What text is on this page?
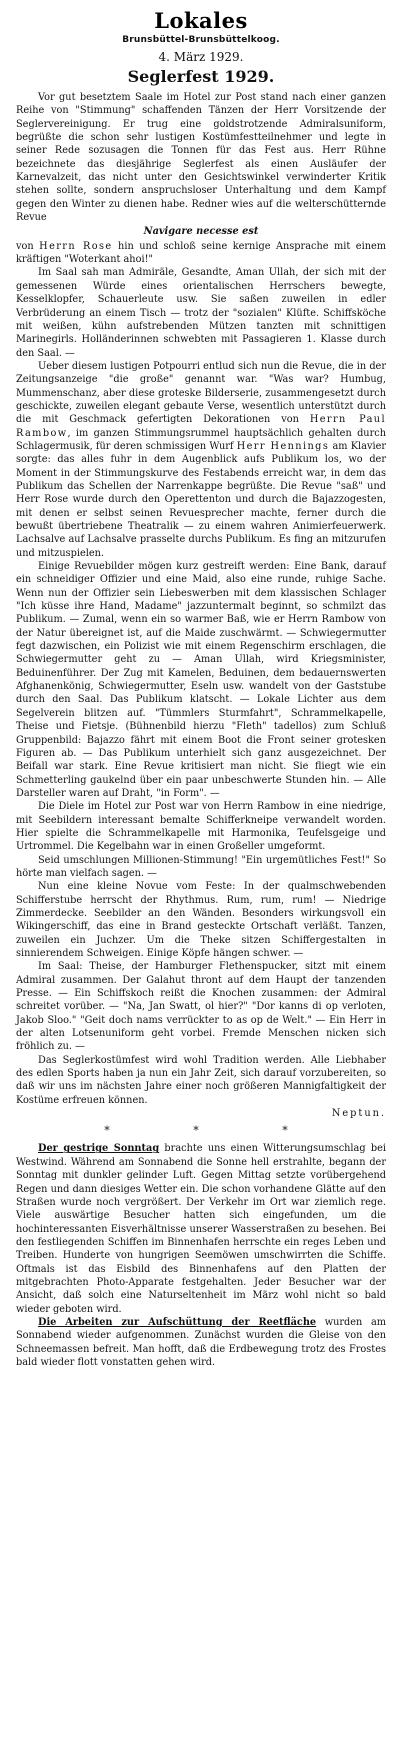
Lokales
Brunsbüttel-Brunsbüttelkoog.
4. März 1929.
Seglerfest 1929.

Vor gut besetztem Saale im Hotel zur Post stand nach einer ganzen Reihe von "Stimmung" schaffenden Tänzen der Herr Vorsitzende der Seglervereinigung. Er trug eine goldstrotzende Admiralsuniform, begrüßte die schon sehr lustigen Kostümfestteilnehmer und legte in seiner Rede sozusagen die Tonnen für das Fest aus. Herr Rühne bezeichnete das diesjährige Seglerfest als einen Ausläufer der Karnevalzeit, das nicht unter den Gesichtswinkel verwinderter Kritik stehen sollte, sondern anspruchsloser Unterhaltung und dem Kampf gegen den Winter zu dienen habe. Redner wies auf die welterschütternde Revue

Navigare necesse est

von Herrn Rose hin und schloß seine kernige Ansprache mit einem kräftigen "Woterkant ahoi!"

Im Saal sah man Admiräle, Gesandte, Aman Ullah, der sich mit der gemessenen Würde eines orientalischen Herrschers bewegte, Kesselklopfer, Schauerleute usw. Sie saßen zuweilen in edler Verbrüderung an einem Tisch — trotz der "sozialen" Klüfte. Schiffsköche mit weißen, kühn aufstrebenden Mützen tanzten mit schnittigen Marinegirls. Holländerinnen schwebten mit Passagieren 1. Klasse durch den Saal. —

Ueber diesem lustigen Potpourri entlud sich nun die Revue, die in der Zeitungsanzeige "die große" genannt war. "Was war? Humbug, Mummenschanz, aber diese groteske Bilderserie, zusammengesetzt durch geschickte, zuweilen elegant gebaute Verse, wesentlich unterstützt durch die mit Geschmack gefertigten Dekorationen von Herrn Paul Rambow, im ganzen Stimmungsrummel hauptsächlich gehalten durch Schlagermusik, für deren schmissigen Wurf Herr Hennings am Klavier sorgte: das alles fuhr in dem Augenblick aufs Publikum los, wo der Moment in der Stimmungskurve des Festabends erreicht war, in dem das Publikum das Schellen der Narrenkappe begrüßte. Die Revue "saß" und Herr Rose wurde durch den Operettenton und durch die Bajazzogesten, mit denen er selbst seinen Revuesprecher machte, ferner durch die bewußt übertriebene Theatralik — zu einem wahren Animierfeuerwerk. Lachsalve auf Lachsalve prasselte durchs Publikum. Es fing an mitzurufen und mitzuspielen.

Einige Revuebilder mögen kurz gestreift werden: Eine Bank, darauf ein schneidiger Offizier und eine Maid, also eine runde, ruhige Sache. Wenn nun der Offizier sein Liebeswerben mit dem klassischen Schlager "Ich küsse ihre Hand, Madame" jazzuntermalt beginnt, so schmilzt das Publikum. — Zumal, wenn ein so warmer Baß, wie er Herrn Rambow von der Natur übereignet ist, auf die Maide zuschwärmt. — Schwiegermutter fegt dazwischen, ein Polizist wie mit einem Regenschirm erschlagen, die Schwiegermutter geht zu — Aman Ullah, wird Kriegsminister, Beduinenführer. Der Zug mit Kamelen, Beduinen, dem bedauernswerten Afghanenkönig, Schwiegermutter, Eseln usw. wandelt von der Gaststube durch den Saal. Das Publikum klatscht. — Lokale Lichter aus dem Segelverein blitzen auf. "Tümmlers Sturmfahrt", Schrammelkapelle, Theise und Fietsje. (Bühnenbild hierzu "Fleth" tadellos) zum Schluß Gruppenbild: Bajazzo fährt mit einem Boot die Front seiner grotesken Figuren ab. — Das Publikum unterhielt sich ganz ausgezeichnet. Der Beifall war stark. Eine Revue kritisiert man nicht. Sie fliegt wie ein Schmetterling gaukelnd über ein paar unbeschwerte Stunden hin. — Alle Darsteller waren auf Draht, "in Form". —

Die Diele im Hotel zur Post war von Herrn Rambow in eine niedrige, mit Seebildern interessant bemalte Schifferkneipe verwandelt worden. Hier spielte die Schrammelkapelle mit Harmonika, Teufelsgeige und Urtrommel. Die Kegelbahn war in einen Großeller umgeformt.

Seid umschlungen Millionen-Stimmung! "Ein urgemütliches Fest!" So hörte man vielfach sagen. —

Nun eine kleine Novue vom Feste: In der qualmschwebenden Schifferstube herrscht der Rhythmus. Rum, rum, rum! — Niedrige Zimmerdecke. Seebilder an den Wänden. Besonders wirkungsvoll ein Wikingerschiff, das eine in Brand gesteckte Ortschaft verläßt. Tanzen, zuweilen ein Juchzer. Um die Theke sitzen Schiffergestalten in sinnierendem Schweigen. Einige Köpfe hängen schwer. —

Im Saal: Theise, der Hamburger Flethenspucker, sitzt mit einem Admiral zusammen. Der Galahut thront auf dem Haupt der tanzenden Presse. — Ein Schiffskoch reißt die Knochen zusammen: der Admiral schreitet vorüber. — "Na, Jan Swatt, ol hier?" "Dor kanns di op verloten, Jakob Sloo." "Geit doch nams verrückter to as op de Welt." — Ein Herr in der alten Lotsenuniform geht vorbei. Fremde Menschen nicken sich fröhlich zu. —

Das Seglerkostümfest wird wohl Tradition werden. Alle Liebhaber des edlen Sports haben ja nun ein Jahr Zeit, sich darauf vorzubereiten, so daß wir uns im nächsten Jahre einer noch größeren Mannigfaltigkeit der Kostüme erfreuen können.

Neptun.

* * *

Der gestrige Sonntag brachte uns einen Witterungsumschlag bei Westwind. Während am Sonnabend die Sonne hell erstrahlte, begann der Sonntag mit dunkler gelinder Luft. Gegen Mittag setzte vorübergehend Regen und dann diesiges Wetter ein. Die schon vorhandene Glätte auf den Straßen wurde noch vergrößert. Der Verkehr im Ort war ziemlich rege. Viele auswärtige Besucher hatten sich eingefunden, um die hochinteressanten Eisverhältnisse unserer Wasserstraßen zu besehen. Bei den festliegenden Schiffen im Binnenhafen herrschte ein reges Leben und Treiben. Hunderte von hungrigen Seemöwen umschwirrten die Schiffe. Oftmals ist das Eisbild des Binnenhafens auf den Platten der mitgebrachten Photo-Apparate festgehalten. Jeder Besucher war der Ansicht, daß solch eine Naturseltenheit im März wohl nicht so bald wieder geboten wird.

Die Arbeiten zur Aufschüttung der Reetfläche wurden am Sonnabend wieder aufgenommen. Zunächst wurden die Gleise von den Schneemassen befreit. Man hofft, daß die Erdbewegung trotz des Frostes bald wieder flott vonstatten gehen wird.
